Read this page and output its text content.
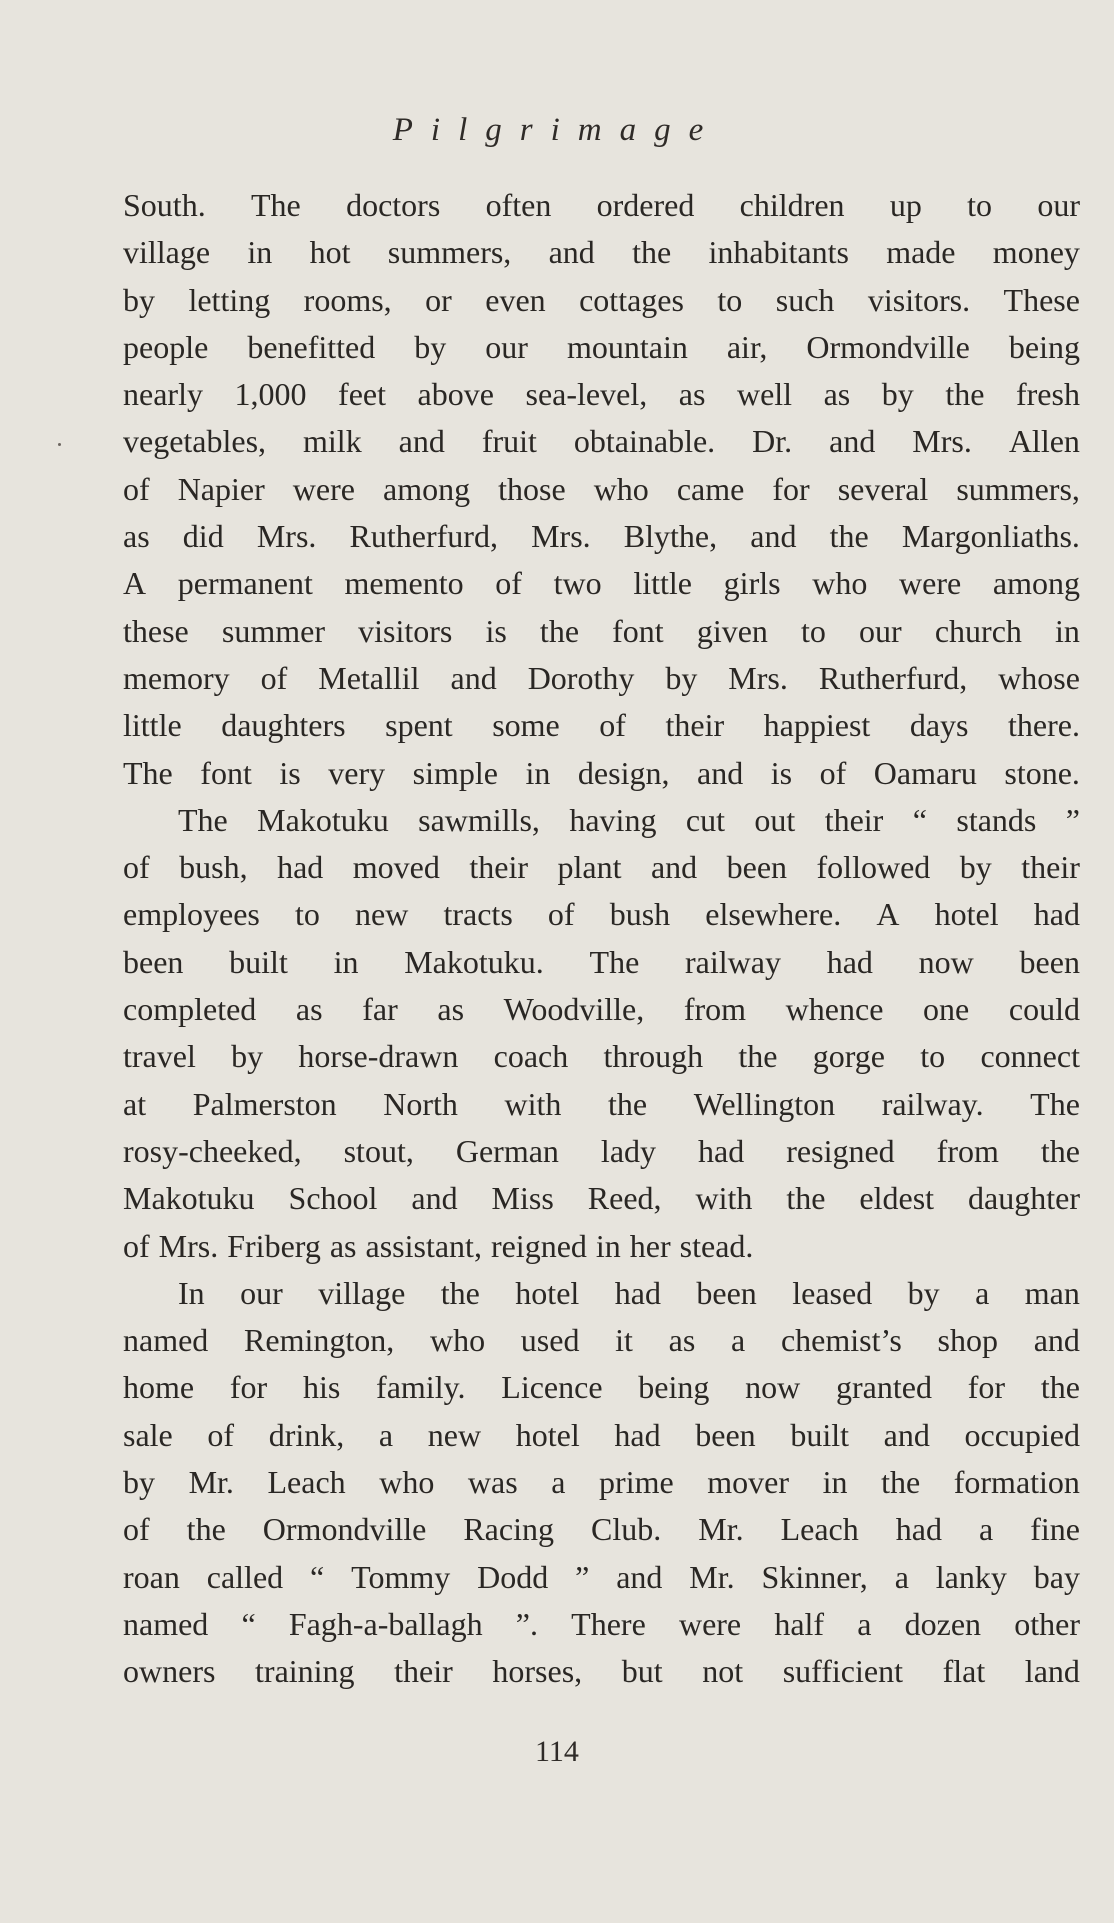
Pilgrimage
South. The doctors often ordered children up to our
village in hot summers, and the inhabitants made money
by letting rooms, or even cottages to such visitors. These
people benefitted by our mountain air, Ormondville being
nearly 1,000 feet above sea-level, as well as by the fresh
vegetables, milk and fruit obtainable. Dr. and Mrs. Allen
of Napier were among those who came for several summers,
as did Mrs. Rutherfurd, Mrs. Blythe, and the Margonliaths.
A permanent memento of two little girls who were among
these summer visitors is the font given to our church in
memory of Metallil and Dorothy by Mrs. Rutherfurd, whose
little daughters spent some of their happiest days there.
The font is very simple in design, and is of Oamaru stone.
The Makotuku sawmills, having cut out their “ stands ”
of bush, had moved their plant and been followed by their
employees to new tracts of bush elsewhere. A hotel had
been built in Makotuku. The railway had now been
completed as far as Woodville, from whence one could
travel by horse-drawn coach through the gorge to connect
at Palmerston North with the Wellington railway. The
rosy-cheeked, stout, German lady had resigned from the
Makotuku School and Miss Reed, with the eldest daughter
of Mrs. Friberg as assistant, reigned in her stead.
In our village the hotel had been leased by a man
named Remington, who used it as a chemist’s shop and
home for his family. Licence being now granted for the
sale of drink, a new hotel had been built and occupied
by Mr. Leach who was a prime mover in the formation
of the Ormondville Racing Club. Mr. Leach had a fine
roan called “ Tommy Dodd ” and Mr. Skinner, a lanky bay
named “ Fagh-a-ballagh ”. There were half a dozen other
owners training their horses, but not sufficient flat land
114
